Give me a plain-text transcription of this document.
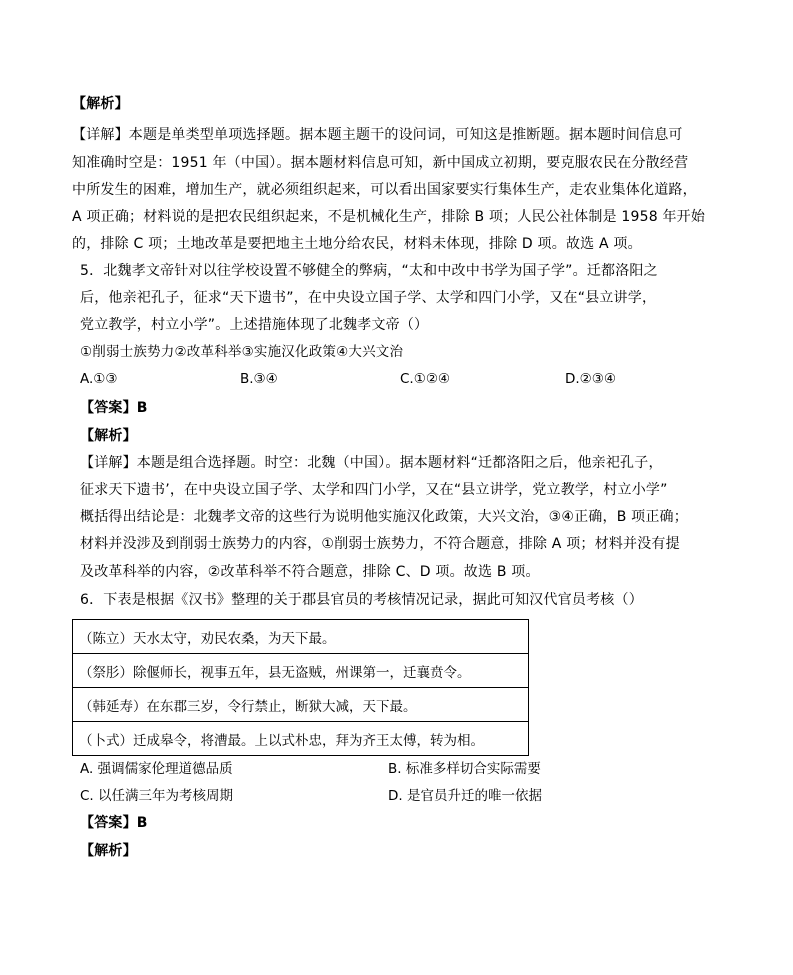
【解析】
【详解】本题是单类型单项选择题。据本题主题干的设问词，可知这是推断题。据本题时间信息可
知准确时空是：1951 年（中国）。据本题材料信息可知，新中国成立初期，要克服农民在分散经营
中所发生的困难，增加生产，就必须组织起来，可以看出国家要实行集体生产，走农业集体化道路，
A 项正确；材料说的是把农民组织起来，不是机械化生产，排除 B 项；人民公社体制是 1958 年开始
的，排除 C 项；土地改革是要把地主土地分给农民，材料未体现，排除 D 项。故选 A 项。
5．北魏孝文帝针对以往学校设置不够健全的弊病，“太和中改中书学为国子学”。迁都洛阳之
后，他亲祀孔子，征求“天下遗书”，在中央设立国子学、太学和四门小学，又在“县立讲学，
党立教学，村立小学”。上述措施体现了北魏孝文帝（）
①削弱士族势力②改革科举③实施汉化政策④大兴文治
A.①③	B.③④	C.①②④	D.②③④
【答案】B
【解析】
【详解】本题是组合选择题。时空：北魏（中国）。据本题材料“迁都洛阳之后，他亲祀孔子，
征求天下遗书’，在中央设立国子学、太学和四门小学，又在“县立讲学，党立教学，村立小学”
概括得出结论是：北魏孝文帝的这些行为说明他实施汉化政策，大兴文治，③④正确，B 项正确；
材料并没涉及到削弱士族势力的内容，①削弱士族势力，不符合题意，排除 A 项；材料并没有提
及改革科举的内容，②改革科举不符合题意，排除 C、D 项。故选 B 项。
6．下表是根据《汉书》整理的关于郡县官员的考核情况记录，据此可知汉代官员考核（）
（陈立）天水太守，劝民农桑，为天下最。
（祭肜）除偃师长，视事五年，县无盗贼，州课第一，迁襄贲令。
（韩延寿）在东郡三岁，令行禁止，断狱大减，天下最。
（卜式）迁成皋令，将漕最。上以式朴忠，拜为齐王太傅，转为相。
A. 强调儒家伦理道德品质	B. 标准多样切合实际需要
C. 以任满三年为考核周期	D. 是官员升迁的唯一依据
【答案】B
【解析】
